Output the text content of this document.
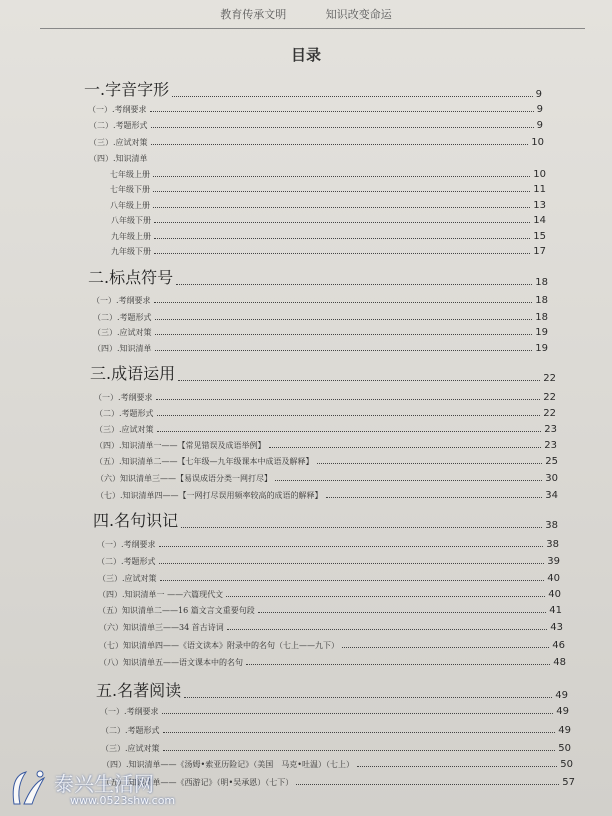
教育传承文明	知识改变命运
目录
一.字音字形	9
（一）.考纲要求	9
（二）.考题形式	9
（三）.应试对策	10
（四）.知识清单
七年级上册	10
七年级下册	11
八年级上册	13
八年级下册	14
九年级上册	15
九年级下册	17
二.标点符号	18
（一）.考纲要求	18
（二）.考题形式	18
（三）.应试对策	19
（四）.知识清单	19
三.成语运用	22
（一）.考纲要求	22
（二）.考题形式	22
（三）.应试对策	23
（四）.知识清单一——【常见错误及成语举例】	23
（五）.知识清单二——【七年级—九年级课本中成语及解释】	25
（六）知识清单三——【易误成语分类一网打尽】	30
（七）.知识清单四——【一网打尽误用频率较高的成语的解释】	34
四.名句识记	38
（一）.考纲要求	38
（二）.考题形式	39
（三）.应试对策	40
（四）.知识清单一 ——六篇现代文	40
（五）知识清单二——16 篇文言文重要句段	41
（六）知识清单三——34 首古诗词	43
（七）知识清单四——《语文读本》附录中的名句（七上——九下）	46
（八）知识清单五——语文课本中的名句	48
五.名著阅读	49
（一）.考纲要求	49
（二）.考题形式	49
（三）.应试对策	50
（四）.知识清单——《汤姆•索亚历险记》（美国　马克•吐温）（七上）	50
（五）.知识清单——《西游记》（明•吴承恩）（七下）	57
泰兴生活网
www.0523shw.com
